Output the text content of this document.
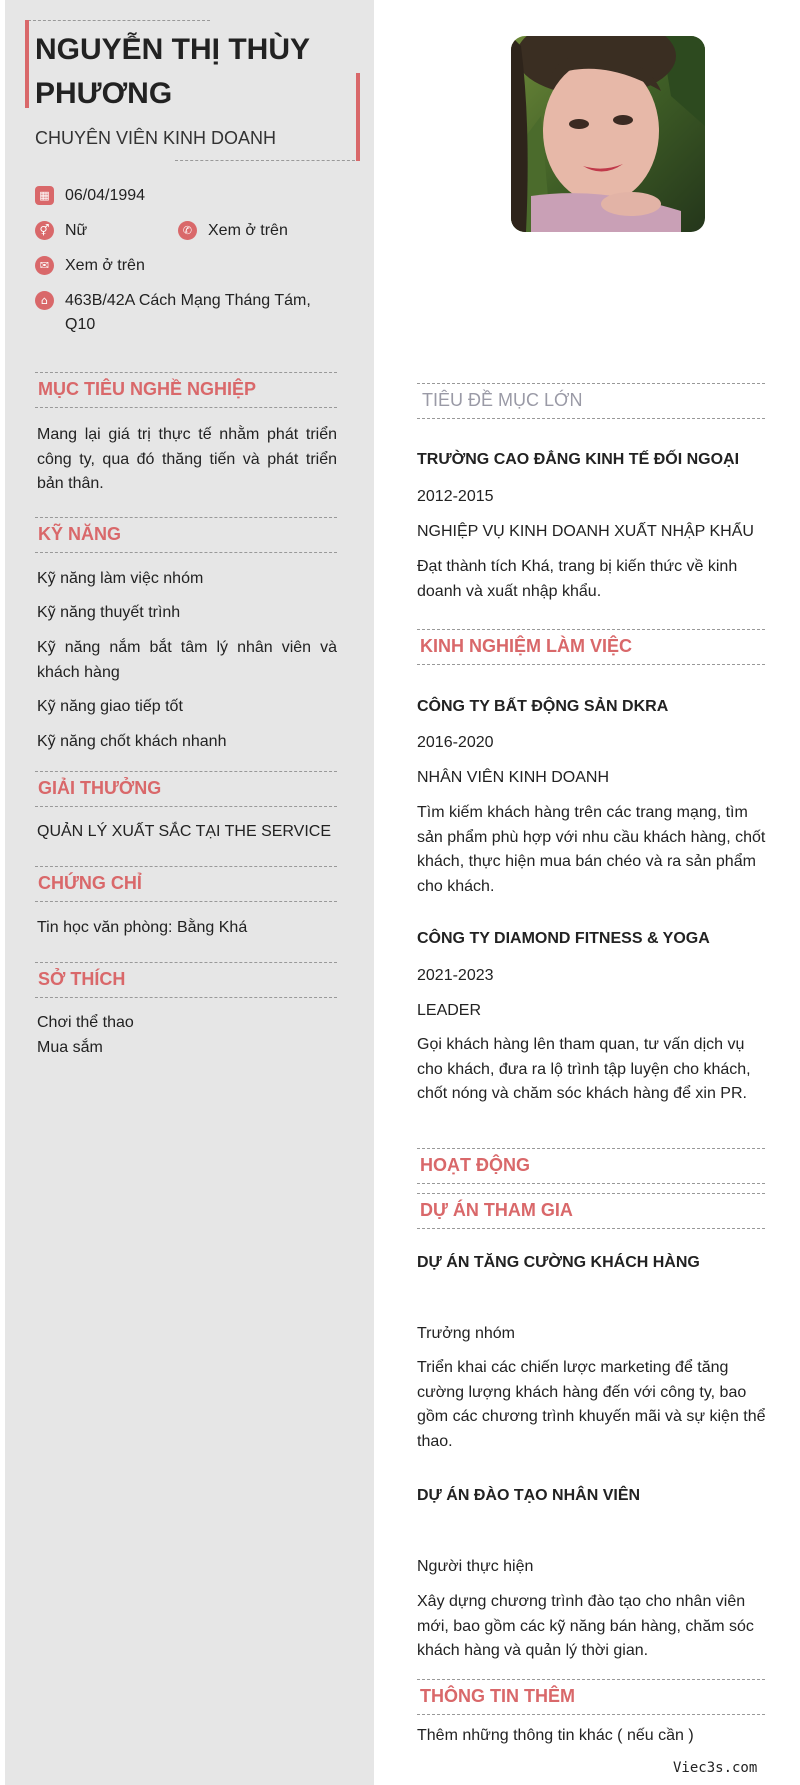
NGUYỄN THỊ THÙY PHƯƠNG
CHUYÊN VIÊN KINH DOANH
▦ 06/04/1994
⚥ Nữ	✆ Xem ở trên
✉ Xem ở trên
⌂	463B/42A Cách Mạng Tháng Tám, Q10
MỤC TIÊU NGHỀ NGHIỆP
Mang lại giá trị thực tế nhằm phát triển công ty, qua đó thăng tiến và phát triển bản thân.
KỸ NĂNG
Kỹ năng làm việc nhóm
Kỹ năng thuyết trình
Kỹ năng nắm bắt tâm lý nhân viên và khách hàng
Kỹ năng giao tiếp tốt
Kỹ năng chốt khách nhanh
GIẢI THƯỞNG
QUẢN LÝ XUẤT SẮC TẠI THE SERVICE
CHỨNG CHỈ
Tin học văn phòng: Bằng Khá
SỞ THÍCH
Chơi thể thao
Mua sắm
TIÊU ĐỀ MỤC LỚN
TRƯỜNG CAO ĐẲNG KINH TẾ ĐỐI NGOẠI
2012-2015
NGHIỆP VỤ KINH DOANH XUẤT NHẬP KHẨU
Đạt thành tích Khá, trang bị kiến thức về kinh doanh và xuất nhập khẩu.
KINH NGHIỆM LÀM VIỆC
CÔNG TY BẤT ĐỘNG SẢN DKRA
2016-2020
NHÂN VIÊN KINH DOANH
Tìm kiếm khách hàng trên các trang mạng, tìm sản phẩm phù hợp với nhu cầu khách hàng, chốt khách, thực hiện mua bán chéo và ra sản phẩm cho khách.
CÔNG TY DIAMOND FITNESS & YOGA
2021-2023
LEADER
Gọi khách hàng lên tham quan, tư vấn dịch vụ cho khách, đưa ra lộ trình tập luyện cho khách, chốt nóng và chăm sóc khách hàng để xin PR.
HOẠT ĐỘNG
DỰ ÁN THAM GIA
DỰ ÁN TĂNG CƯỜNG KHÁCH HÀNG
Trưởng nhóm
Triển khai các chiến lược marketing để tăng cường lượng khách hàng đến với công ty, bao gồm các chương trình khuyến mãi và sự kiện thể thao.
DỰ ÁN ĐÀO TẠO NHÂN VIÊN
Người thực hiện
Xây dựng chương trình đào tạo cho nhân viên mới, bao gồm các kỹ năng bán hàng, chăm sóc khách hàng và quản lý thời gian.
THÔNG TIN THÊM
Thêm những thông tin khác ( nếu cần )
Viec3s.com
